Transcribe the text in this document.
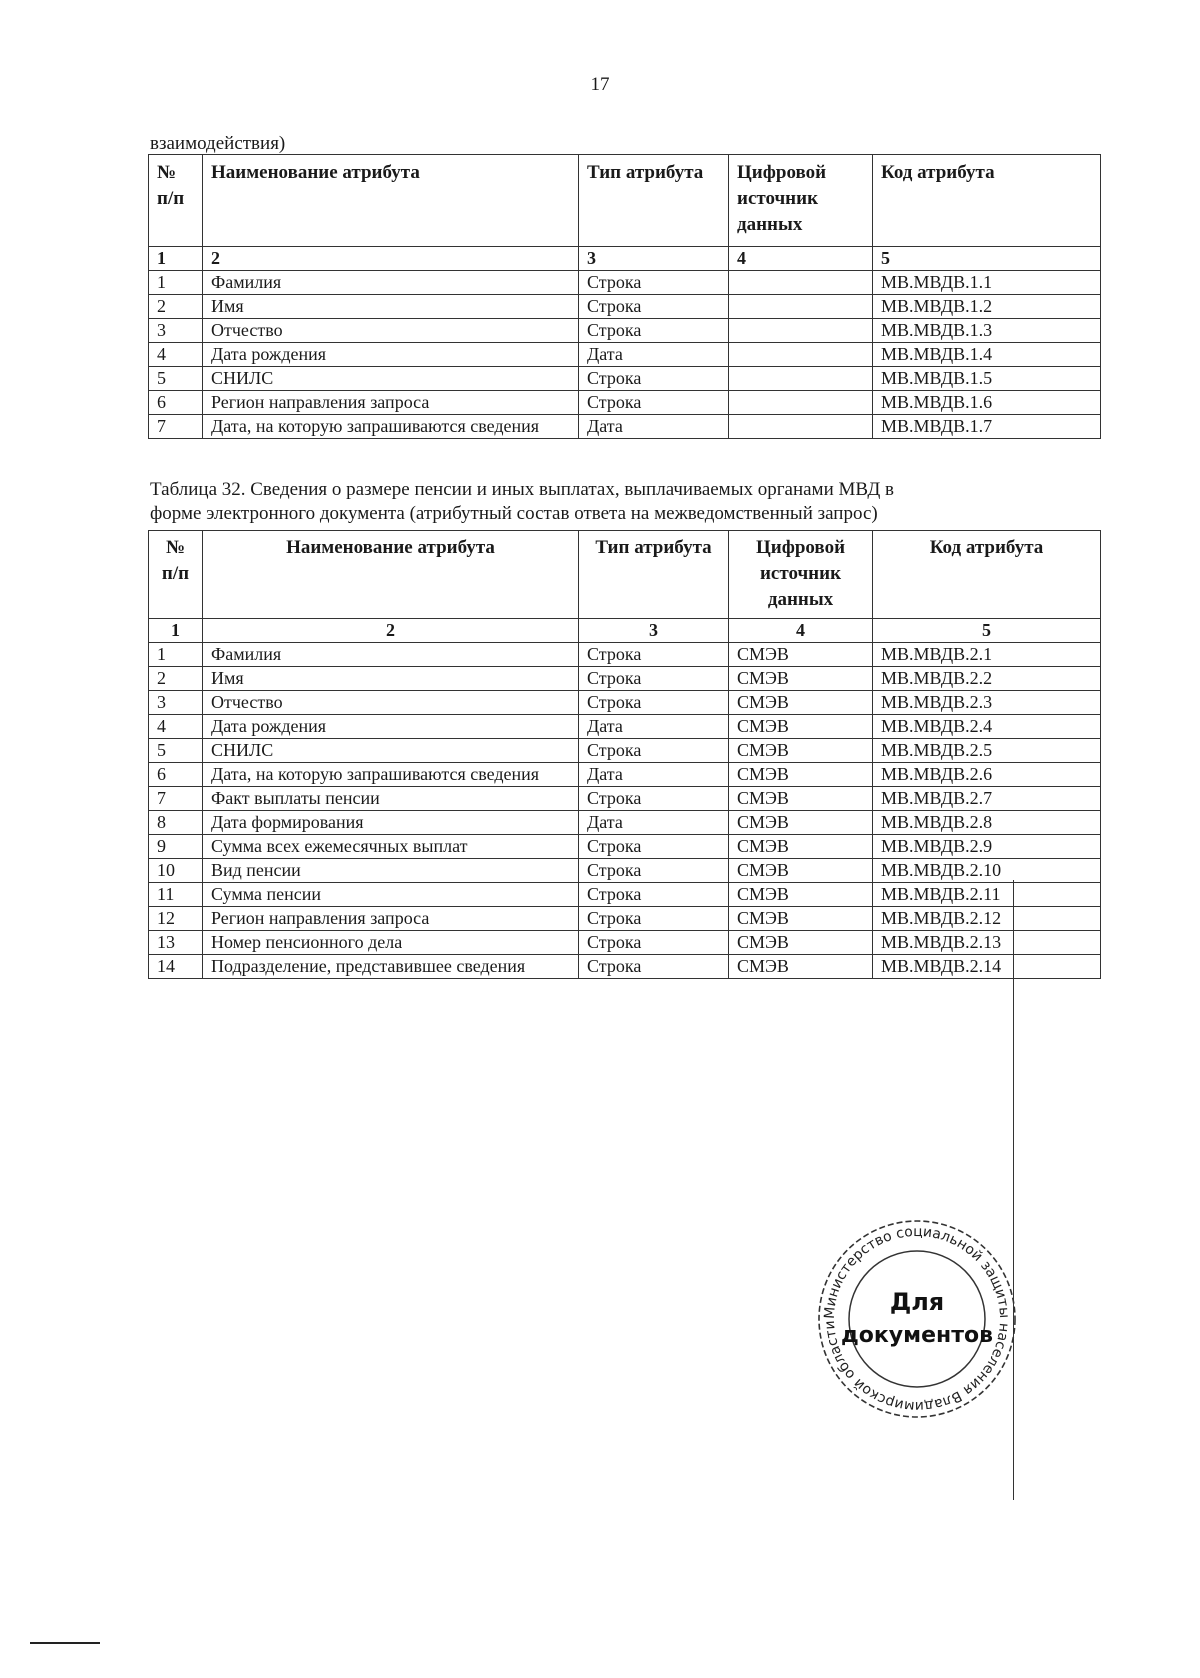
17
взаимодействия)
№ п/п	Наименование атрибута	Тип атрибута	Цифровой источник данных	Код атрибута
1	2	3	4	5
1	Фамилия	Строка		МВ.МВДВ.1.1
2	Имя	Строка		МВ.МВДВ.1.2
3	Отчество	Строка		МВ.МВДВ.1.3
4	Дата рождения	Дата		МВ.МВДВ.1.4
5	СНИЛС	Строка		МВ.МВДВ.1.5
6	Регион направления запроса	Строка		МВ.МВДВ.1.6
7	Дата, на которую запрашиваются сведения	Дата		МВ.МВДВ.1.7
Таблица 32. Сведения о размере пенсии и иных выплатах, выплачиваемых органами МВД в
форме электронного документа (атрибутный состав ответа на межведомственный запрос)
№ п/п	Наименование атрибута	Тип атрибута	Цифровой источник данных	Код атрибута
1	2	3	4	5
1	Фамилия	Строка	СМЭВ	МВ.МВДВ.2.1
2	Имя	Строка	СМЭВ	МВ.МВДВ.2.2
3	Отчество	Строка	СМЭВ	МВ.МВДВ.2.3
4	Дата рождения	Дата	СМЭВ	МВ.МВДВ.2.4
5	СНИЛС	Строка	СМЭВ	МВ.МВДВ.2.5
6	Дата, на которую запрашиваются сведения	Дата	СМЭВ	МВ.МВДВ.2.6
7	Факт выплаты пенсии	Строка	СМЭВ	МВ.МВДВ.2.7
8	Дата формирования	Дата	СМЭВ	МВ.МВДВ.2.8
9	Сумма всех ежемесячных выплат	Строка	СМЭВ	МВ.МВДВ.2.9
10	Вид пенсии	Строка	СМЭВ	МВ.МВДВ.2.10
11	Сумма пенсии	Строка	СМЭВ	МВ.МВДВ.2.11
12	Регион направления запроса	Строка	СМЭВ	МВ.МВДВ.2.12
13	Номер пенсионного дела	Строка	СМЭВ	МВ.МВДВ.2.13
14	Подразделение, представившее сведения	Строка	СМЭВ	МВ.МВДВ.2.14
Министерство социальной защиты населения Владимирской области
Для
документов
